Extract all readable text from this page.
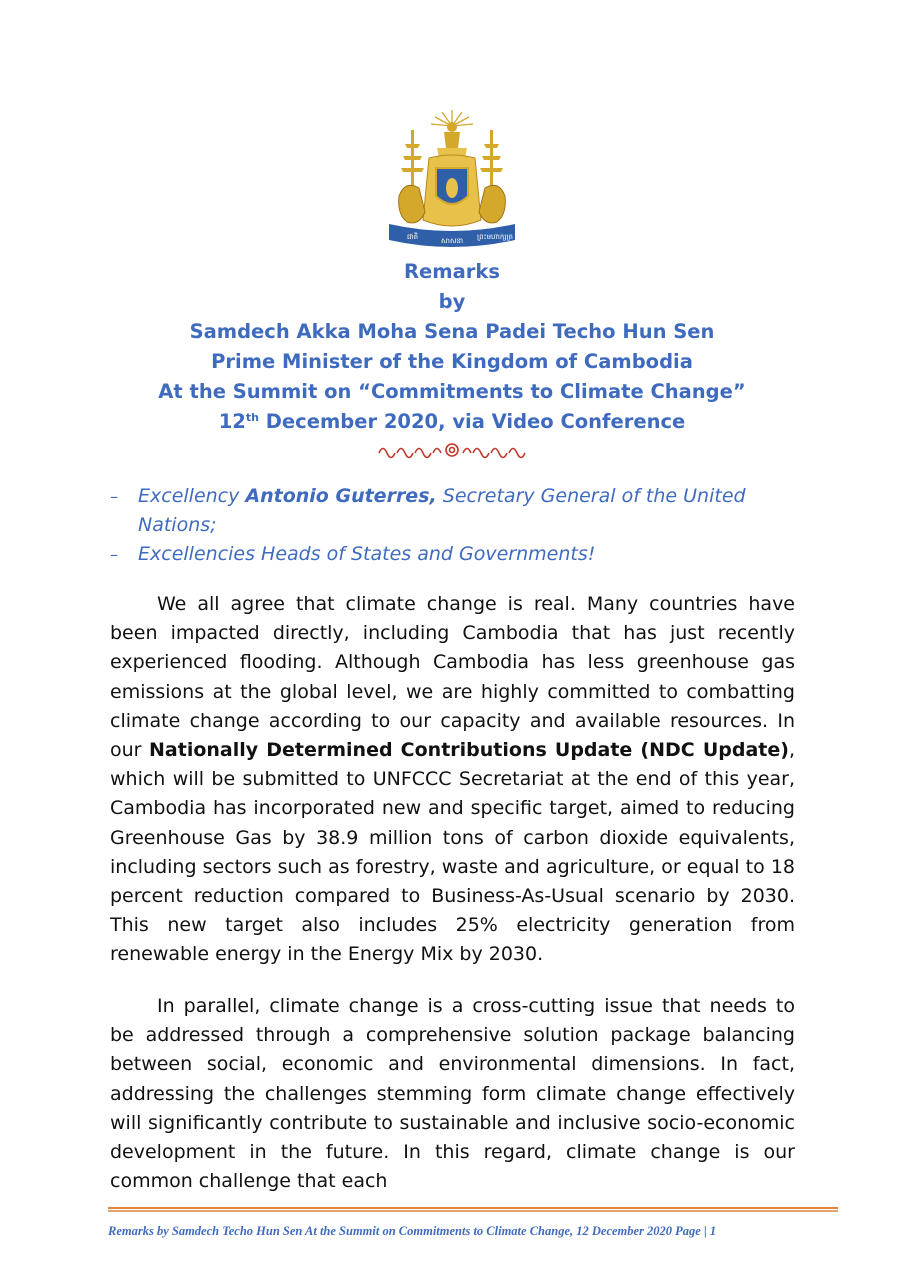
ជាតិ	សាសនា ព្រះមហាក្សត្រ
Remarks
by
Samdech Akka Moha Sena Padei Techo Hun Sen
Prime Minister of the Kingdom of Cambodia
At the Summit on “Commitments to Climate Change”
12th December 2020, via Video Conference
– Excellency Antonio Guterres, Secretary General of the United Nations;
– Excellencies Heads of States and Governments!

We all agree that climate change is real. Many countries have been impacted directly, including Cambodia that has just recently experienced flooding. Although Cambodia has less greenhouse gas emissions at the global level, we are highly committed to combatting climate change according to our capacity and available resources. In our Nationally Determined Contributions Update (NDC Update), which will be submitted to UNFCCC Secretariat at the end of this year, Cambodia has incorporated new and specific target, aimed to reducing Greenhouse Gas by 38.9 million tons of carbon dioxide equivalents, including sectors such as forestry, waste and agriculture, or equal to 18 percent reduction compared to Business-As-Usual scenario by 2030. This new target also includes 25% electricity generation from renewable energy in the Energy Mix by 2030.

In parallel, climate change is a cross-cutting issue that needs to be addressed through a comprehensive solution package balancing between social, economic and environmental dimensions. In fact, addressing the challenges stemming form climate change effectively will significantly contribute to sustainable and inclusive socio-economic development in the future. In this regard, climate change is our common challenge that each

Remarks by Samdech Techo Hun Sen At the Summit on Commitments to Climate Change, 12 December 2020 Page | 1
